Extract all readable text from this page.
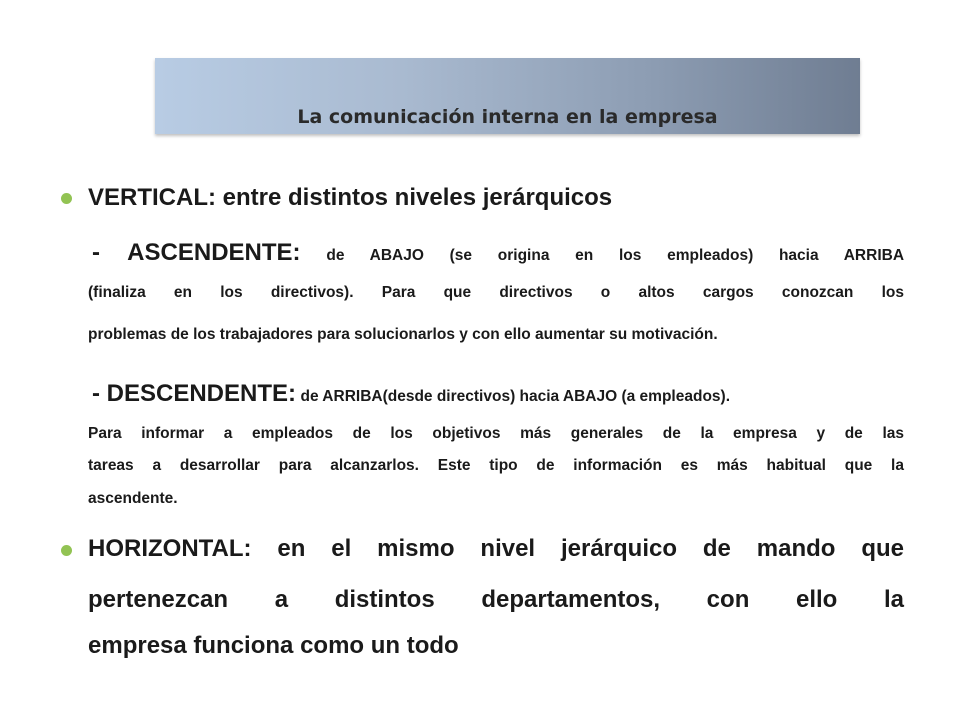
La comunicación interna en la empresa

VERTICAL: entre distintos niveles jerárquicos

- ASCENDENTE: de ABAJO (se origina en los empleados) hacia ARRIBA

(finaliza en los directivos). Para que directivos o altos cargos conozcan los

problemas de los trabajadores para solucionarlos y con ello aumentar su motivación.

- DESCENDENTE: de ARRIBA(desde directivos) hacia ABAJO (a empleados).

Para informar a empleados de los objetivos más generales de la empresa y de las

tareas a desarrollar para alcanzarlos. Este tipo de información es más habitual que la

ascendente.

HORIZONTAL: en el mismo nivel jerárquico de mando que

pertenezcan a distintos departamentos, con ello la

empresa funciona como un todo
